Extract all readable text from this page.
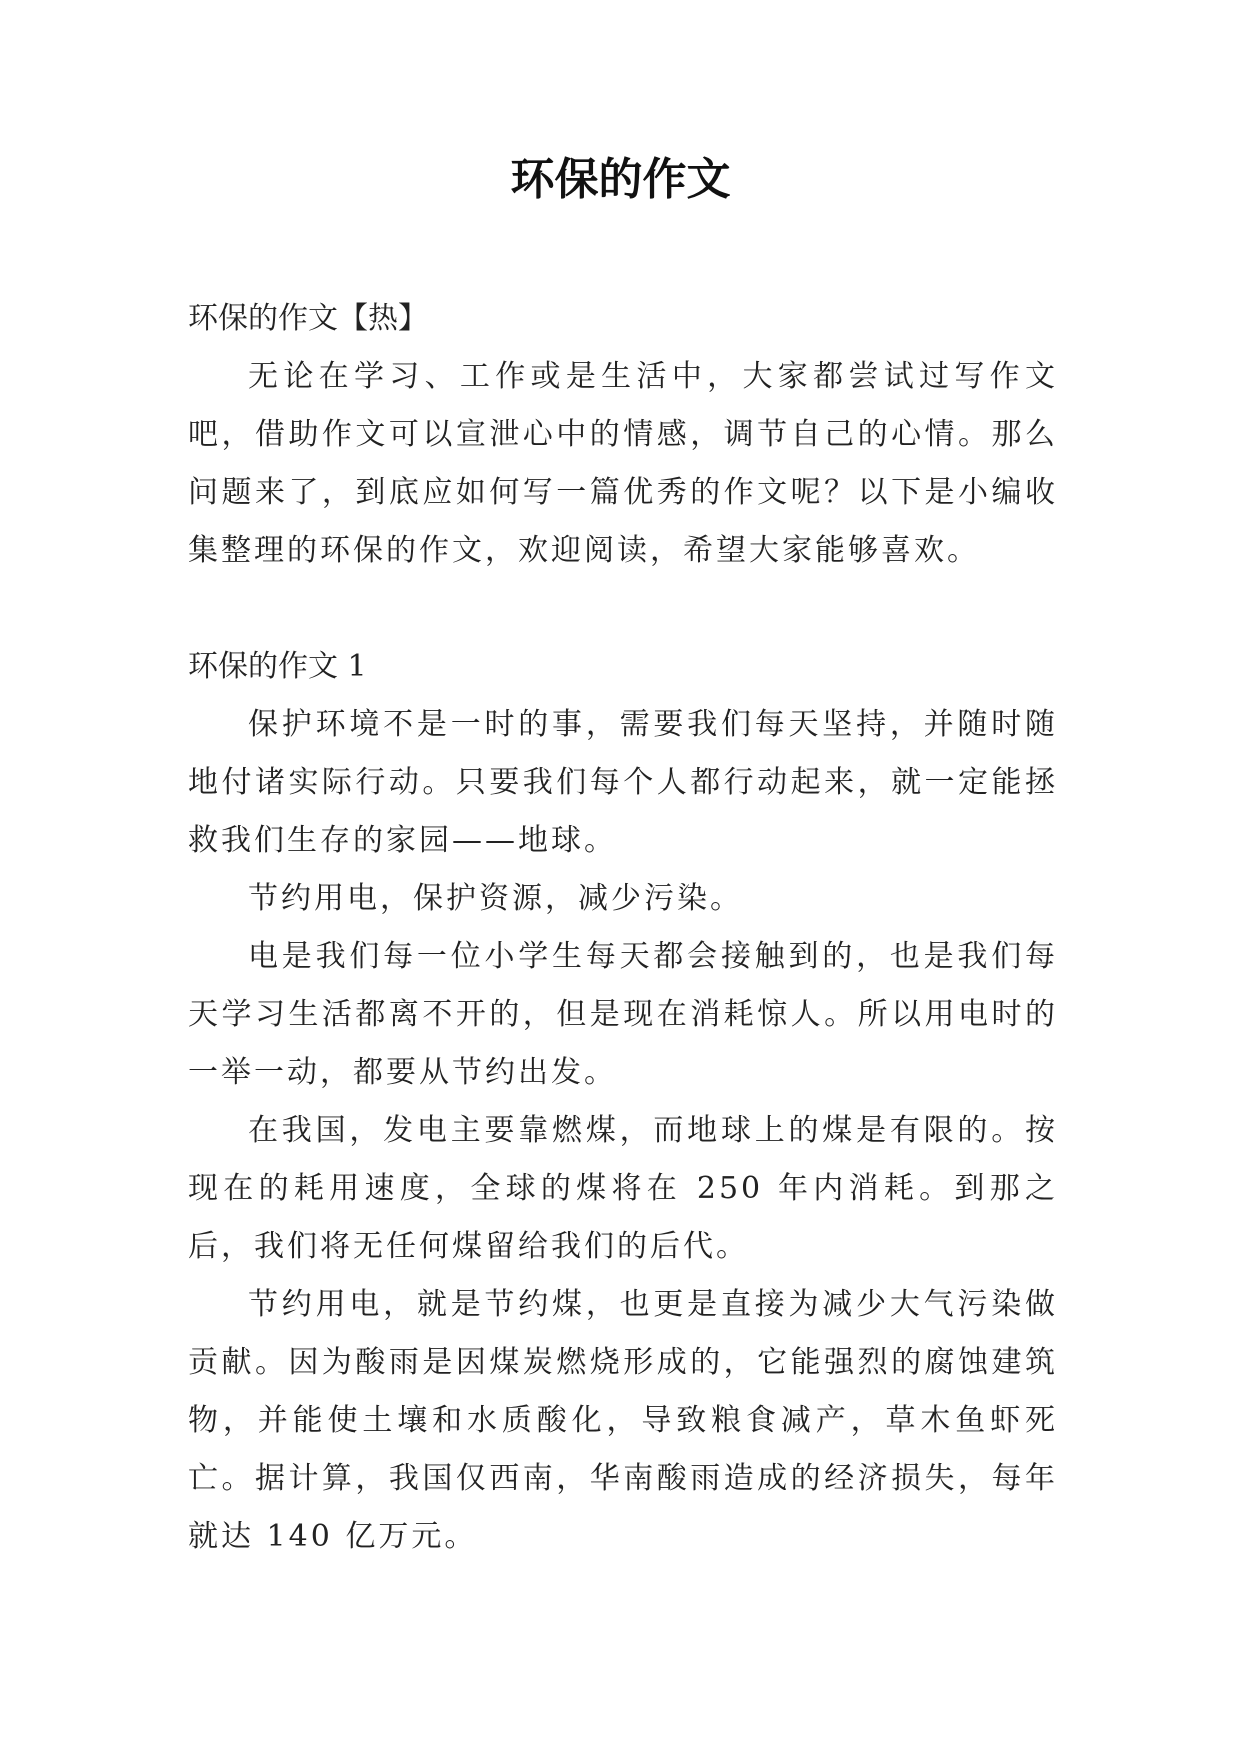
环保的作文

环保的作文【热】

无论在学习、工作或是生活中，大家都尝试过写作文吧，借助作文可以宣泄心中的情感，调节自己的心情。那么问题来了，到底应如何写一篇优秀的作文呢？以下是小编收集整理的环保的作文，欢迎阅读，希望大家能够喜欢。

环保的作文 1

保护环境不是一时的事，需要我们每天坚持，并随时随地付诸实际行动。只要我们每个人都行动起来，就一定能拯救我们生存的家园——地球。

节约用电，保护资源，减少污染。

电是我们每一位小学生每天都会接触到的，也是我们每天学习生活都离不开的，但是现在消耗惊人。所以用电时的一举一动，都要从节约出发。

在我国，发电主要靠燃煤，而地球上的煤是有限的。按现在的耗用速度，全球的煤将在 250 年内消耗。到那之后，我们将无任何煤留给我们的后代。

节约用电，就是节约煤，也更是直接为减少大气污染做贡献。因为酸雨是因煤炭燃烧形成的，它能强烈的腐蚀建筑物，并能使土壤和水质酸化，导致粮食减产，草木鱼虾死亡。据计算，我国仅西南，华南酸雨造成的经济损失，每年就达 140 亿万元。
